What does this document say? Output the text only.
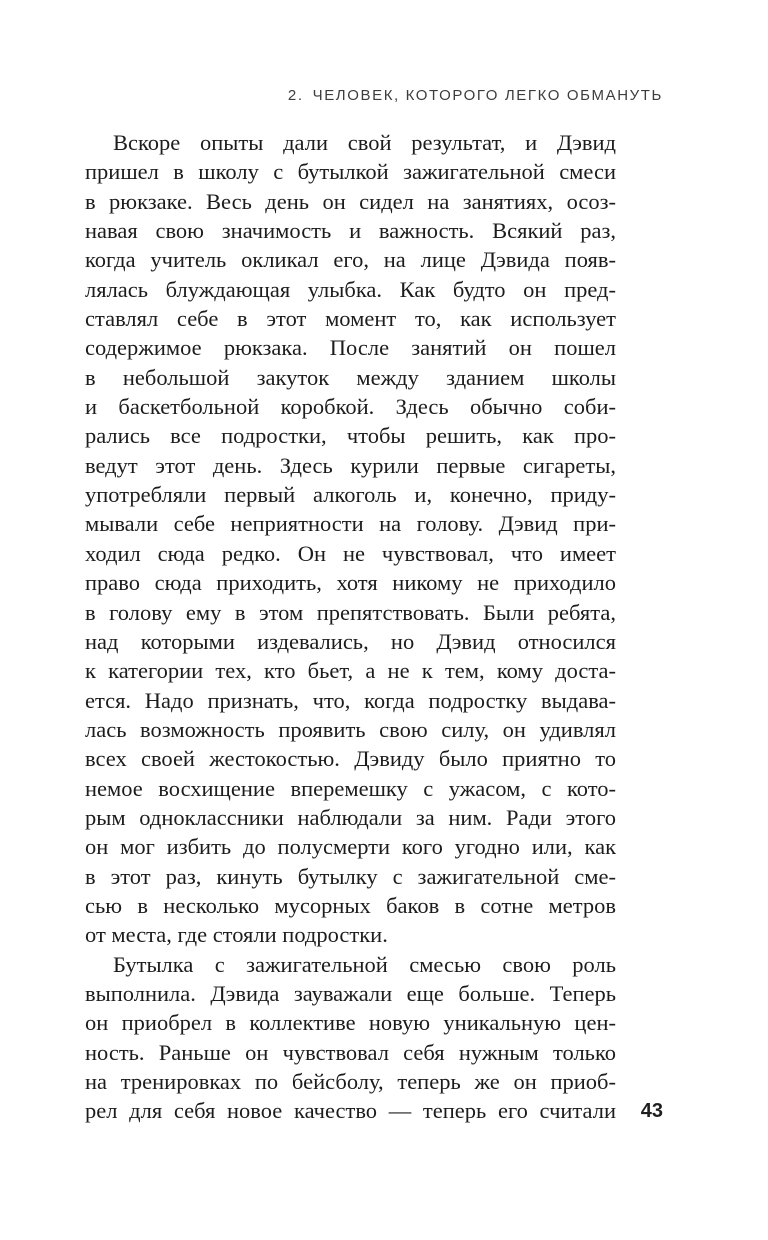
2. ЧЕЛОВЕК, КОТОРОГО ЛЕГКО ОБМАНУТЬ
Вскоре опыты дали свой результат, и Дэвид
пришел в школу с бутылкой зажигательной смеси
в рюкзаке. Весь день он сидел на занятиях, осоз-
навая свою значимость и важность. Всякий раз,
когда учитель окликал его, на лице Дэвида появ-
лялась блуждающая улыбка. Как будто он пред-
ставлял себе в этот момент то, как использует
содержимое рюкзака. После занятий он пошел
в небольшой закуток между зданием школы
и баскетбольной коробкой. Здесь обычно соби-
рались все подростки, чтобы решить, как про-
ведут этот день. Здесь курили первые сигареты,
употребляли первый алкоголь и, конечно, приду-
мывали себе неприятности на голову. Дэвид при-
ходил сюда редко. Он не чувствовал, что имеет
право сюда приходить, хотя никому не приходило
в голову ему в этом препятствовать. Были ребята,
над которыми издевались, но Дэвид относился
к категории тех, кто бьет, а не к тем, кому доста-
ется. Надо признать, что, когда подростку выдава-
лась возможность проявить свою силу, он удивлял
всех своей жестокостью. Дэвиду было приятно то
немое восхищение вперемешку с ужасом, с кото-
рым одноклассники наблюдали за ним. Ради этого
он мог избить до полусмерти кого угодно или, как
в этот раз, кинуть бутылку с зажигательной сме-
сью в несколько мусорных баков в сотне метров
от места, где стояли подростки.
Бутылка с зажигательной смесью свою роль
выполнила. Дэвида зауважали еще больше. Теперь
он приобрел в коллективе новую уникальную цен-
ность. Раньше он чувствовал себя нужным только
на тренировках по бейсболу, теперь же он приоб-
рел для себя новое качество — теперь его считали 43
